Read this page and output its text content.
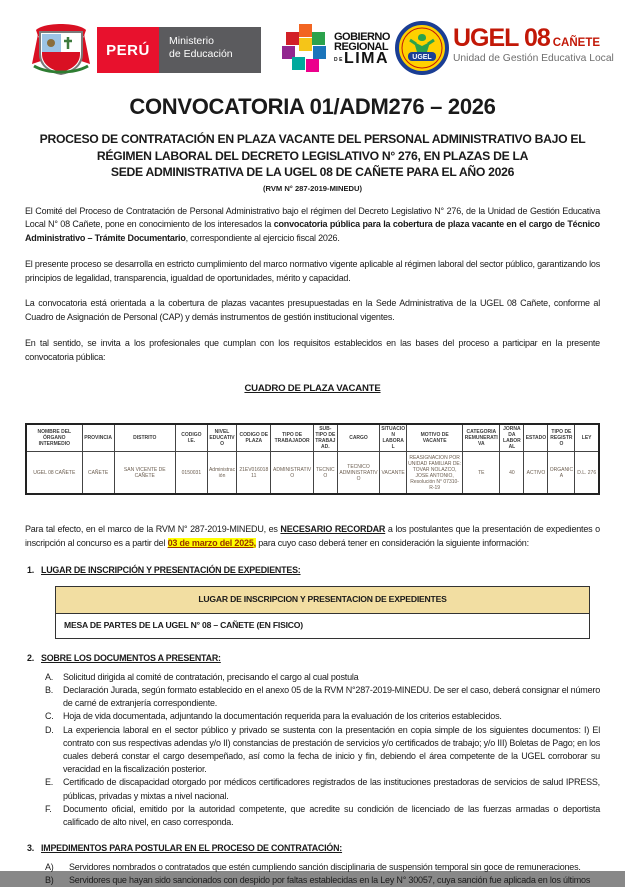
PERÚ
Ministerio
de Educación
GOBIERNO
REGIONAL
DELIMA	UGEL
UGEL 08 CAÑETE
Unidad de Gestión Educativa Local
CONVOCATORIA 01/ADM276 – 2026
PROCESO DE CONTRATACIÓN EN PLAZA VACANTE DEL PERSONAL ADMINISTRATIVO BAJO EL
RÉGIMEN LABORAL DEL DECRETO LEGISLATIVO N° 276, EN PLAZAS DE LA
SEDE ADMINISTRATIVA DE LA UGEL 08 DE CAÑETE PARA EL AÑO 2026
(RVM N° 287-2019-MINEDU)

El Comité del Proceso de Contratación de Personal Administrativo bajo el régimen del Decreto Legislativo N° 276, de la Unidad de Gestión Educativa Local N° 08 Cañete, pone en conocimiento de los interesados la convocatoria pública para la cobertura de plaza vacante en el cargo de Técnico Administrativo – Trámite Documentario, correspondiente al ejercicio fiscal 2026.

El presente proceso se desarrolla en estricto cumplimiento del marco normativo vigente aplicable al régimen laboral del sector público, garantizando los principios de legalidad, transparencia, igualdad de oportunidades, mérito y capacidad.

La convocatoria está orientada a la cobertura de plazas vacantes presupuestadas en la Sede Administrativa de la UGEL 08 Cañete, conforme al Cuadro de Asignación de Personal (CAP) y demás instrumentos de gestión institucional vigentes.

En tal sentido, se invita a los profesionales que cumplan con los requisitos establecidos en las bases del proceso a participar en la presente convocatoria pública:

CUADRO DE PLAZA VACANTE
NOMBRE DEL ÓRGANO INTERMEDIO	PROVINCIA	DISTRITO	CODIGO I.E.	NIVEL EDUCATIVO	CODIGO DE PLAZA	TIPO DE TRABAJADOR	SUB-TIPO DE TRABAJAD.	CARGO	SITUACION LABORAL	MOTIVO DE VACANTE	CATEGORIA REMUNERATIVA	JORNADA LABORAL	ESTADO	TIPO DE REGISTRO	LEY
UGEL 08 CAÑETE	CAÑETE	SAN VICENTE DE CAÑETE	0150031	Administración	21EV01601811	ADMINISTRATIVO	TECNICO	TECNICO ADMINISTRATIVO	VACANTE	REASIGNACION POR UNIDAD FAMILIAR DE: TOVAR NOLAZCO, JOSE ANTONIO, Resolución N° 07310-R-19	TE	40	ACTIVO	ORGANICA	D.L. 276

Para tal efecto, en el marco de la RVM N° 287-2019-MINEDU, es NECESARIO RECORDAR a los postulantes que la presentación de expedientes o inscripción al concurso es a partir del 03 de marzo del 2025, para cuyo caso deberá tener en consideración la siguiente información:

1. LUGAR DE INSCRIPCIÓN Y PRESENTACIÓN DE EXPEDIENTES:
LUGAR DE INSCRIPCION Y PRESENTACION DE EXPEDIENTES
MESA DE PARTES DE LA UGEL N° 08 – CAÑETE (EN FISICO)
2. SOBRE LOS DOCUMENTOS A PRESENTAR:
A.	Solicitud dirigida al comité de contratación, precisando el cargo al cual postula
B.	Declaración Jurada, según formato establecido en el anexo 05 de la RVM N°287-2019-MINEDU. De ser el caso, deberá consignar el número de carné de extranjería correspondiente.
C.	Hoja de vida documentada, adjuntando la documentación requerida para la evaluación de los criterios establecidos.
D.	La experiencia laboral en el sector público y privado se sustenta con la presentación en copia simple de los siguientes documentos: I) El contrato con sus respectivas adendas y/o II) constancias de prestación de servicios y/o certificados de trabajo; y/o III) Boletas de Pago; en los cuales deberá constar el cargo desempeñado, así como la fecha de inicio y fin, debiendo el área competente de la UGEL corroborar su veracidad en la fiscalización posterior.
E.	Certificado de discapacidad otorgado por médicos certificadores registrados de las instituciones prestadoras de servicios de salud IPRESS, públicas, privadas y mixtas a nivel nacional.
F.	Documento oficial, emitido por la autoridad competente, que acredite su condición de licenciado de las fuerzas armadas o deportista calificado de alto nivel, en caso corresponda.
3. IMPEDIMENTOS PARA POSTULAR EN EL PROCESO DE CONTRATACIÓN:
A)	Servidores nombrados o contratados que estén cumpliendo sanción disciplinaria de suspensión temporal sin goce de remuneraciones.
B)	Servidores que hayan sido sancionados con despido por faltas establecidas en la Ley N° 30057, cuya sanción fue aplicada en los últimos
